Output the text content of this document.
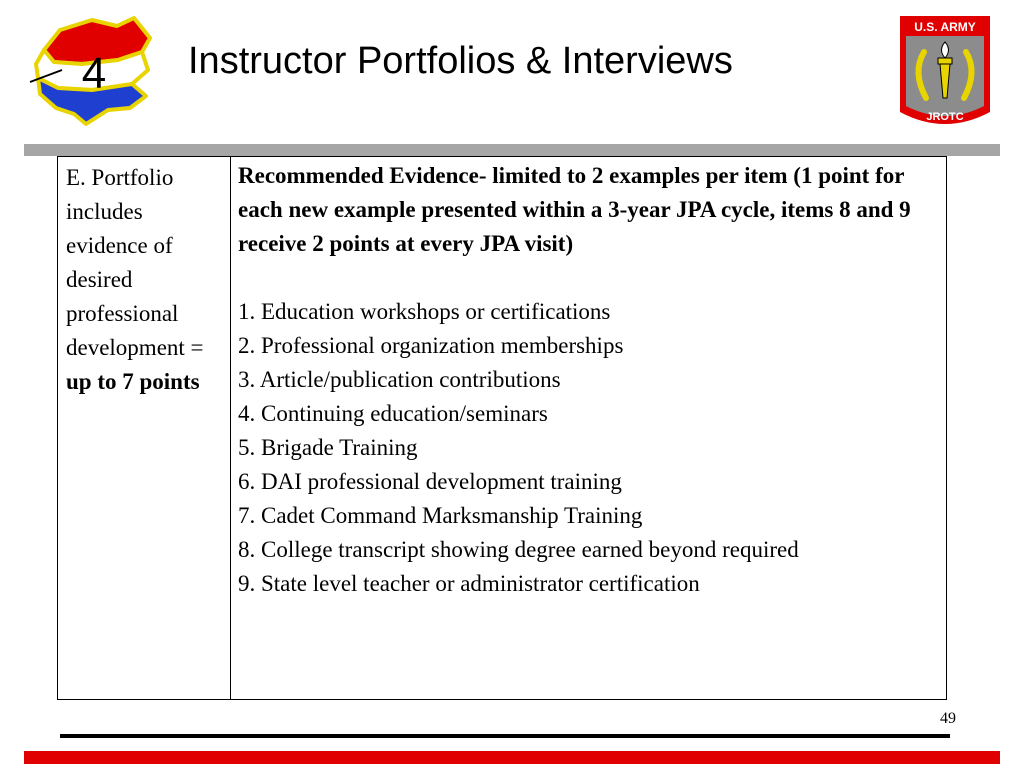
4 Instructor Portfolios & Interviews
U.S. ARMY
JROTC
E. Portfolio includes evidence of desired professional development = up to 7 points	
Recommended Evidence- limited to 2 examples per item (1 point for each new example presented within a 3-year JPA cycle, items 8 and 9 receive 2 points at every JPA visit)
1. Education workshops or certifications
2. Professional organization memberships
3. Article/publication contributions
4. Continuing education/seminars
5. Brigade Training
6. DAI professional development training
7. Cadet Command Marksmanship Training
8. College transcript showing degree earned beyond required
9. State level teacher or administrator certification
49
